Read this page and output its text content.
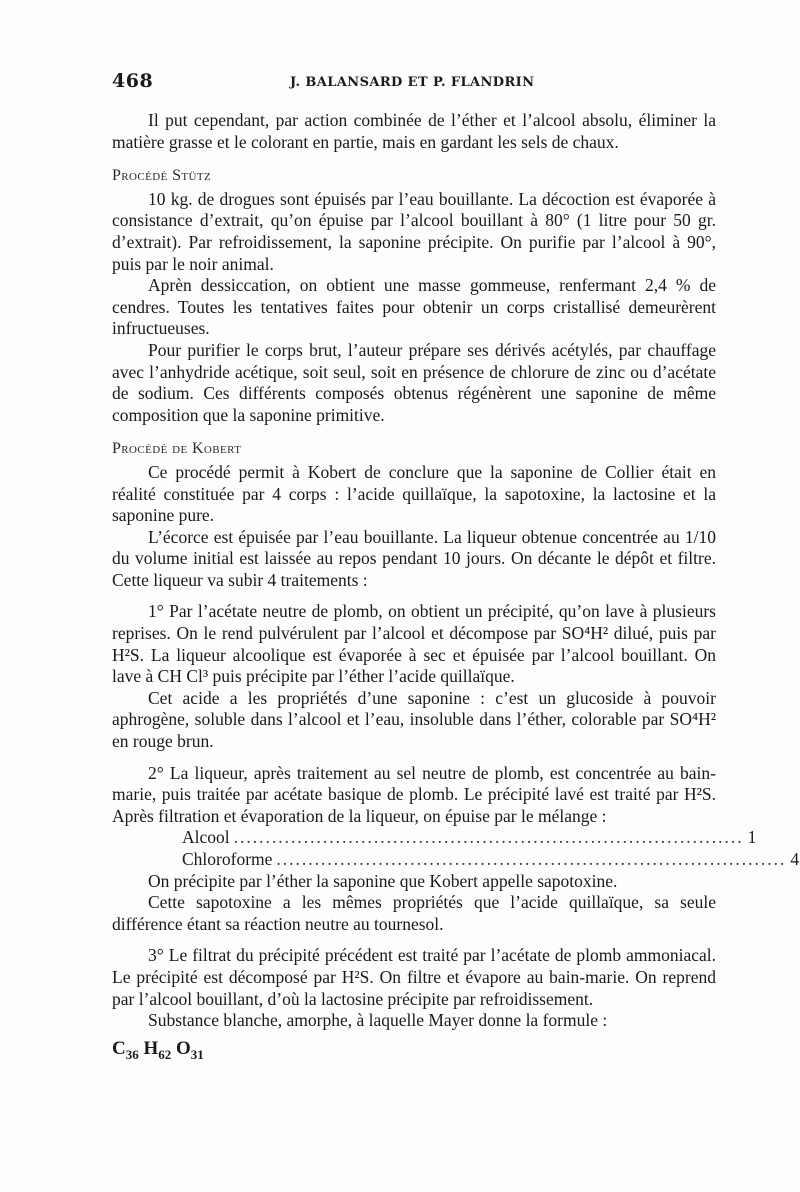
468	J. BALANSARD ET P. FLANDRIN

Il put cependant, par action combinée de l’éther et l’alcool absolu, éliminer la matière grasse et le colorant en partie, mais en gardant les sels de chaux.

Procédé Stütz

10 kg. de drogues sont épuisés par l’eau bouillante. La décoction est évaporée à consistance d’extrait, qu’on épuise par l’alcool bouillant à 80° (1 litre pour 50 gr. d’extrait). Par refroidissement, la saponine précipite. On purifie par l’alcool à 90°, puis par le noir animal.

Aprèn dessiccation, on obtient une masse gommeuse, renfermant 2,4 % de cendres. Toutes les tentatives faites pour obtenir un corps cristallisé demeurèrent infructueuses.

Pour purifier le corps brut, l’auteur prépare ses dérivés acétylés, par chauffage avec l’anhydride acétique, soit seul, soit en présence de chlorure de zinc ou d’acétate de sodium. Ces différents composés obtenus régénèrent une saponine de même composition que la saponine primitive.

Procédé de Kobert

Ce procédé permit à Kobert de conclure que la saponine de Collier était en réalité constituée par 4 corps : l’acide quillaïque, la sapotoxine, la lactosine et la saponine pure.

L’écorce est épuisée par l’eau bouillante. La liqueur obtenue concentrée au 1/10 du volume initial est laissée au repos pendant 10 jours. On décante le dépôt et filtre. Cette liqueur va subir 4 traitements :

1° Par l’acétate neutre de plomb, on obtient un précipité, qu’on lave à plusieurs reprises. On le rend pulvérulent par l’alcool et décompose par SO⁴H² dilué, puis par H²S. La liqueur alcoolique est évaporée à sec et épuisée par l’alcool bouillant. On lave à CH Cl³ puis précipite par l’éther l’acide quillaïque.

Cet acide a les propriétés d’une saponine : c’est un glucoside à pouvoir aphrogène, soluble dans l’alcool et l’eau, insoluble dans l’éther, colorable par SO⁴H² en rouge brun.

2° La liqueur, après traitement au sel neutre de plomb, est concentrée au bain-marie, puis traitée par acétate basique de plomb. Le précipité lavé est traité par H²S. Après filtration et évaporation de la liqueur, on épuise par le mélange :

Alcool ................................................................................ 1
Chloroforme ................................................................................ 4

On précipite par l’éther la saponine que Kobert appelle sapotoxine.

Cette sapotoxine a les mêmes propriétés que l’acide quillaïque, sa seule différence étant sa réaction neutre au tournesol.

3° Le filtrat du précipité précédent est traité par l’acétate de plomb ammoniacal. Le précipité est décomposé par H²S. On filtre et évapore au bain-marie. On reprend par l’alcool bouillant, d’où la lactosine précipite par refroidissement.

Substance blanche, amorphe, à laquelle Mayer donne la formule :

$C_{36}$ $H_{62}$ $O_{31}$
